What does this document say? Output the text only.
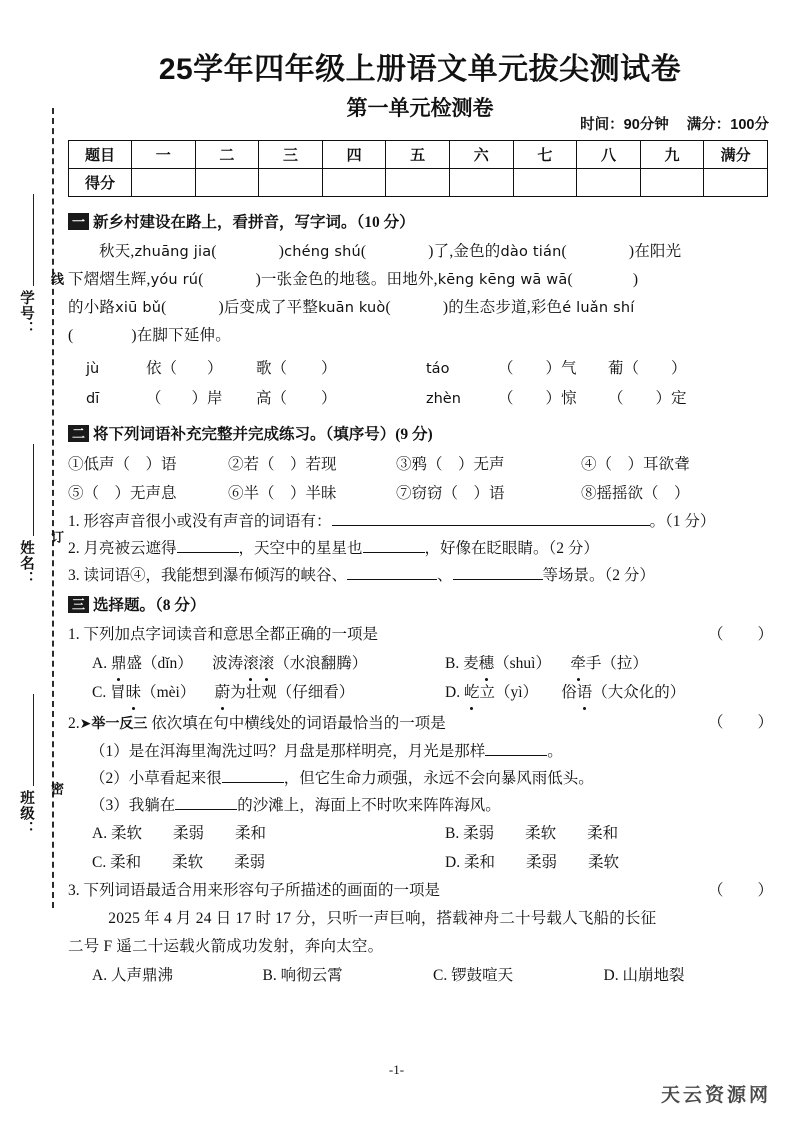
学号：
线
姓名：
订
班级：
密
25学年四年级上册语文单元拔尖测试卷
第一单元检测卷
时间：90分钟 满分：100分
题目	一	二	三	四	五	六	七	八	九	满分
得分										
一 新乡村建设在路上，看拼音，写字词。（10 分）
秋天,zhuāng jia(	)chéng shú(	)了,金色的dào tián(	)在阳光
下熠熠生辉,yóu rú(	)一张金色的地毯。田地外,kēng kēng wā wā(	)
的小路xiū bǔ(	)后变成了平整kuān kuò(	)的生态步道,彩色é luǎn shí
(	)在脚下延伸。
jù	依（ ）	歌（ ）	táo	（ ）气	葡（ ）
dī	（ ）岸	高（ ）	zhèn	（ ）惊	（ ）定
二 将下列词语补充完整并完成练习。（填序号）(9 分)
①低声（　）语	②若（　）若现	③鸦（　）无声	④（　）耳欲聋
⑤（　）无声息	⑥半（　）半昧	⑦窃窃（　）语	⑧摇摇欲（　）
1. 形容声音很小或没有声音的词语有：	。（1 分）
2. 月亮被云遮得	，天空中的星星也	，好像在眨眼睛。（2 分）
3. 读词语④，我能想到瀑布倾泻的峡谷、	、	等场景。（2 分）
三 选择题。（8 分）
1. 下列加点字词读音和意思全都正确的一项是	（　　）
A. 鼎盛（dǐn）     波涛滚滚（水浪翻腾）	B. 麦穗（shuì）     牵手（拉）
C. 冒昧（mèi）     蔚为壮观（仔细看）	D. 屹立（yì）      俗语（大众化的）
2.➤举一反三 依次填在句中横线处的词语最恰当的一项是	（　　）
（1）是在洱海里淘洗过吗？月盘是那样明亮，月光是那样	。
（2）小草看起来很	，但它生命力顽强，永远不会向暴风雨低头。
（3）我躺在	的沙滩上，海面上不时吹来阵阵海风。
A. 柔软　　柔弱　　柔和	B. 柔弱　　柔软　　柔和
C. 柔和　　柔软　　柔弱	D. 柔和　　柔弱　　柔软
3. 下列词语最适合用来形容句子所描述的画面的一项是	（　　）
2025 年 4 月 24 日 17 时 17 分，只听一声巨响，搭载神舟二十号载人飞船的长征
二号 F 遥二十运载火箭成功发射，奔向太空。
A. 人声鼎沸	B. 响彻云霄	C. 锣鼓喧天	D. 山崩地裂
-1-
天云资源网
